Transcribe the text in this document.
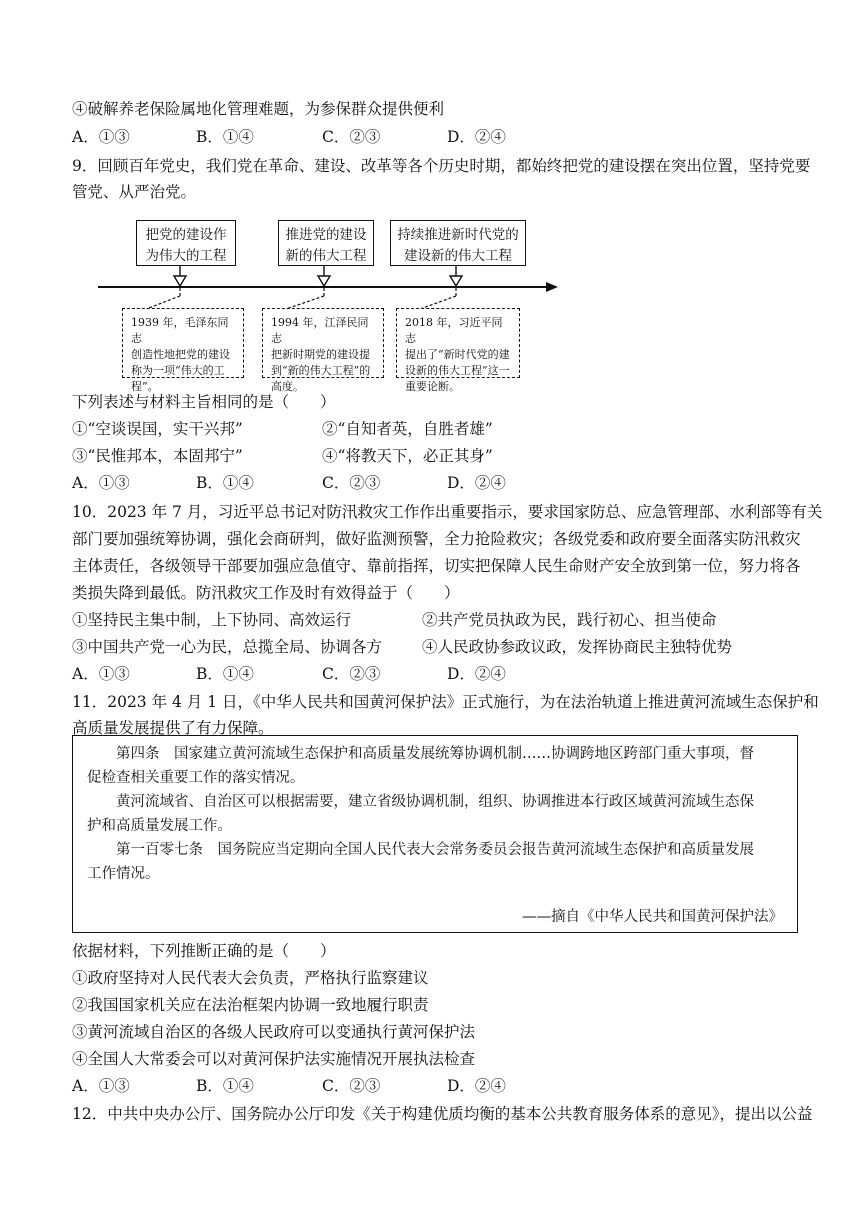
④破解养老保险属地化管理难题，为参保群众提供便利
A．①③	B．①④	C．②③	D．②④
9．回顾百年党史，我们党在革命、建设、改革等各个历史时期，都始终把党的建设摆在突出位置，坚持党要
管党、从严治党。
把党的建设作
为伟大的工程
推进党的建设
新的伟大工程
持续推进新时代党的
建设新的伟大工程
1939 年，毛泽东同志
创造性地把党的建设
称为一项“伟大的工
程”。
1994 年，江泽民同志
把新时期党的建设提
到“新的伟大工程”的
高度。
2018 年，习近平同志
提出了“新时代党的建
设新的伟大工程”这一
重要论断。
下列表述与材料主旨相同的是（　　）
①“空谈误国，实干兴邦”	②“自知者英，自胜者雄”
③“民惟邦本，本固邦宁”	④“将教天下，必正其身”
A．①③	B．①④	C．②③	D．②④
10．2023 年 7 月，习近平总书记对防汛救灾工作作出重要指示，要求国家防总、应急管理部、水利部等有关
部门要加强统筹协调，强化会商研判，做好监测预警，全力抢险救灾；各级党委和政府要全面落实防汛救灾
主体责任，各级领导干部要加强应急值守、靠前指挥，切实把保障人民生命财产安全放到第一位，努力将各
类损失降到最低。防汛救灾工作及时有效得益于（　　）
①坚持民主集中制，上下协同、高效运行	②共产党员执政为民，践行初心、担当使命
③中国共产党一心为民，总揽全局、协调各方	④人民政协参政议政，发挥协商民主独特优势
A．①③	B．①④	C．②③	D．②④
11．2023 年 4 月 1 日，《中华人民共和国黄河保护法》正式施行，为在法治轨道上推进黄河流域生态保护和
高质量发展提供了有力保障。

第四条　国家建立黄河流域生态保护和高质量发展统筹协调机制……协调跨地区跨部门重大事项，督

促检查相关重要工作的落实情况。

黄河流域省、自治区可以根据需要，建立省级协调机制，组织、协调推进本行政区域黄河流域生态保

护和高质量发展工作。

第一百零七条　国务院应当定期向全国人民代表大会常务委员会报告黄河流域生态保护和高质量发展

工作情况。

——摘自《中华人民共和国黄河保护法》
依据材料，下列推断正确的是（　　）
①政府坚持对人民代表大会负责，严格执行监察建议
②我国国家机关应在法治框架内协调一致地履行职责
③黄河流域自治区的各级人民政府可以变通执行黄河保护法
④全国人大常委会可以对黄河保护法实施情况开展执法检查
A．①③	B．①④	C．②③	D．②④
12．中共中央办公厅、国务院办公厅印发《关于构建优质均衡的基本公共教育服务体系的意见》，提出以公益
